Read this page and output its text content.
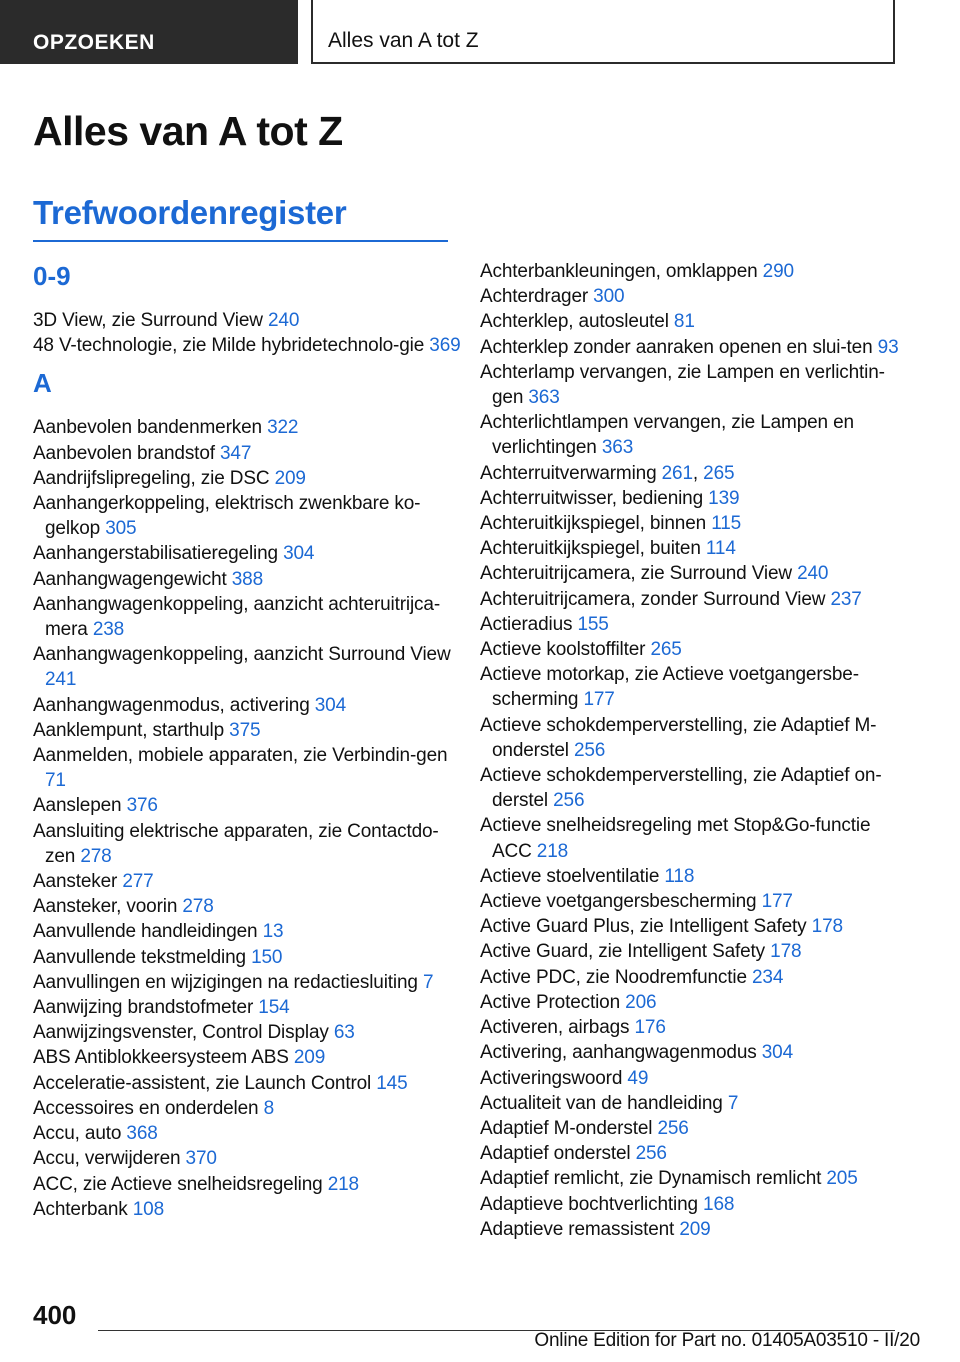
OPZOEKEN	Alles van A tot Z
Alles van A tot Z
Trefwoordenregister
0-9
3D View, zie Surround View 240
48 V-technologie, zie Milde hybridetechnolo-gie 369
A
Aanbevolen bandenmerken 322
Aanbevolen brandstof 347
Aandrijfslipregeling, zie DSC 209
Aanhangerkoppeling, elektrisch zwenkbare ko-gelkop 305
Aanhangerstabilisatieregeling 304
Aanhangwagengewicht 388
Aanhangwagenkoppeling, aanzicht achteruitrijca-mera 238
Aanhangwagenkoppeling, aanzicht Surround View 241
Aanhangwagenmodus, activering 304
Aanklempunt, starthulp 375
Aanmelden, mobiele apparaten, zie Verbindin-gen 71
Aanslepen 376
Aansluiting elektrische apparaten, zie Contactdo-zen 278
Aansteker 277
Aansteker, voorin 278
Aanvullende handleidingen 13
Aanvullende tekstmelding 150
Aanvullingen en wijzigingen na redactiesluiting 7
Aanwijzing brandstofmeter 154
Aanwijzingsvenster, Control Display 63
ABS Antiblokkeersysteem ABS 209
Acceleratie-assistent, zie Launch Control 145
Accessoires en onderdelen 8
Accu, auto 368
Accu, verwijderen 370
ACC, zie Actieve snelheidsregeling 218
Achterbank 108
Achterbankleuningen, omklappen 290
Achterdrager 300
Achterklep, autosleutel 81
Achterklep zonder aanraken openen en slui-ten 93
Achterlamp vervangen, zie Lampen en verlichtin-gen 363
Achterlichtlampen vervangen, zie Lampen en verlichtingen 363
Achterruitverwarming 261, 265
Achterruitwisser, bediening 139
Achteruitkijkspiegel, binnen 115
Achteruitkijkspiegel, buiten 114
Achteruitrijcamera, zie Surround View 240
Achteruitrijcamera, zonder Surround View 237
Actieradius 155
Actieve koolstoffilter 265
Actieve motorkap, zie Actieve voetgangersbe-scherming 177
Actieve schokdemperverstelling, zie Adaptief M-onderstel 256
Actieve schokdemperverstelling, zie Adaptief on-derstel 256
Actieve snelheidsregeling met Stop&Go-functie ACC 218
Actieve stoelventilatie 118
Actieve voetgangersbescherming 177
Active Guard Plus, zie Intelligent Safety 178
Active Guard, zie Intelligent Safety 178
Active PDC, zie Noodremfunctie 234
Active Protection 206
Activeren, airbags 176
Activering, aanhangwagenmodus 304
Activeringswoord 49
Actualiteit van de handleiding 7
Adaptief M-onderstel 256
Adaptief onderstel 256
Adaptief remlicht, zie Dynamisch remlicht 205
Adaptieve bochtverlichting 168
Adaptieve remassistent 209
400
Online Edition for Part no. 01405A03510 - II/20
